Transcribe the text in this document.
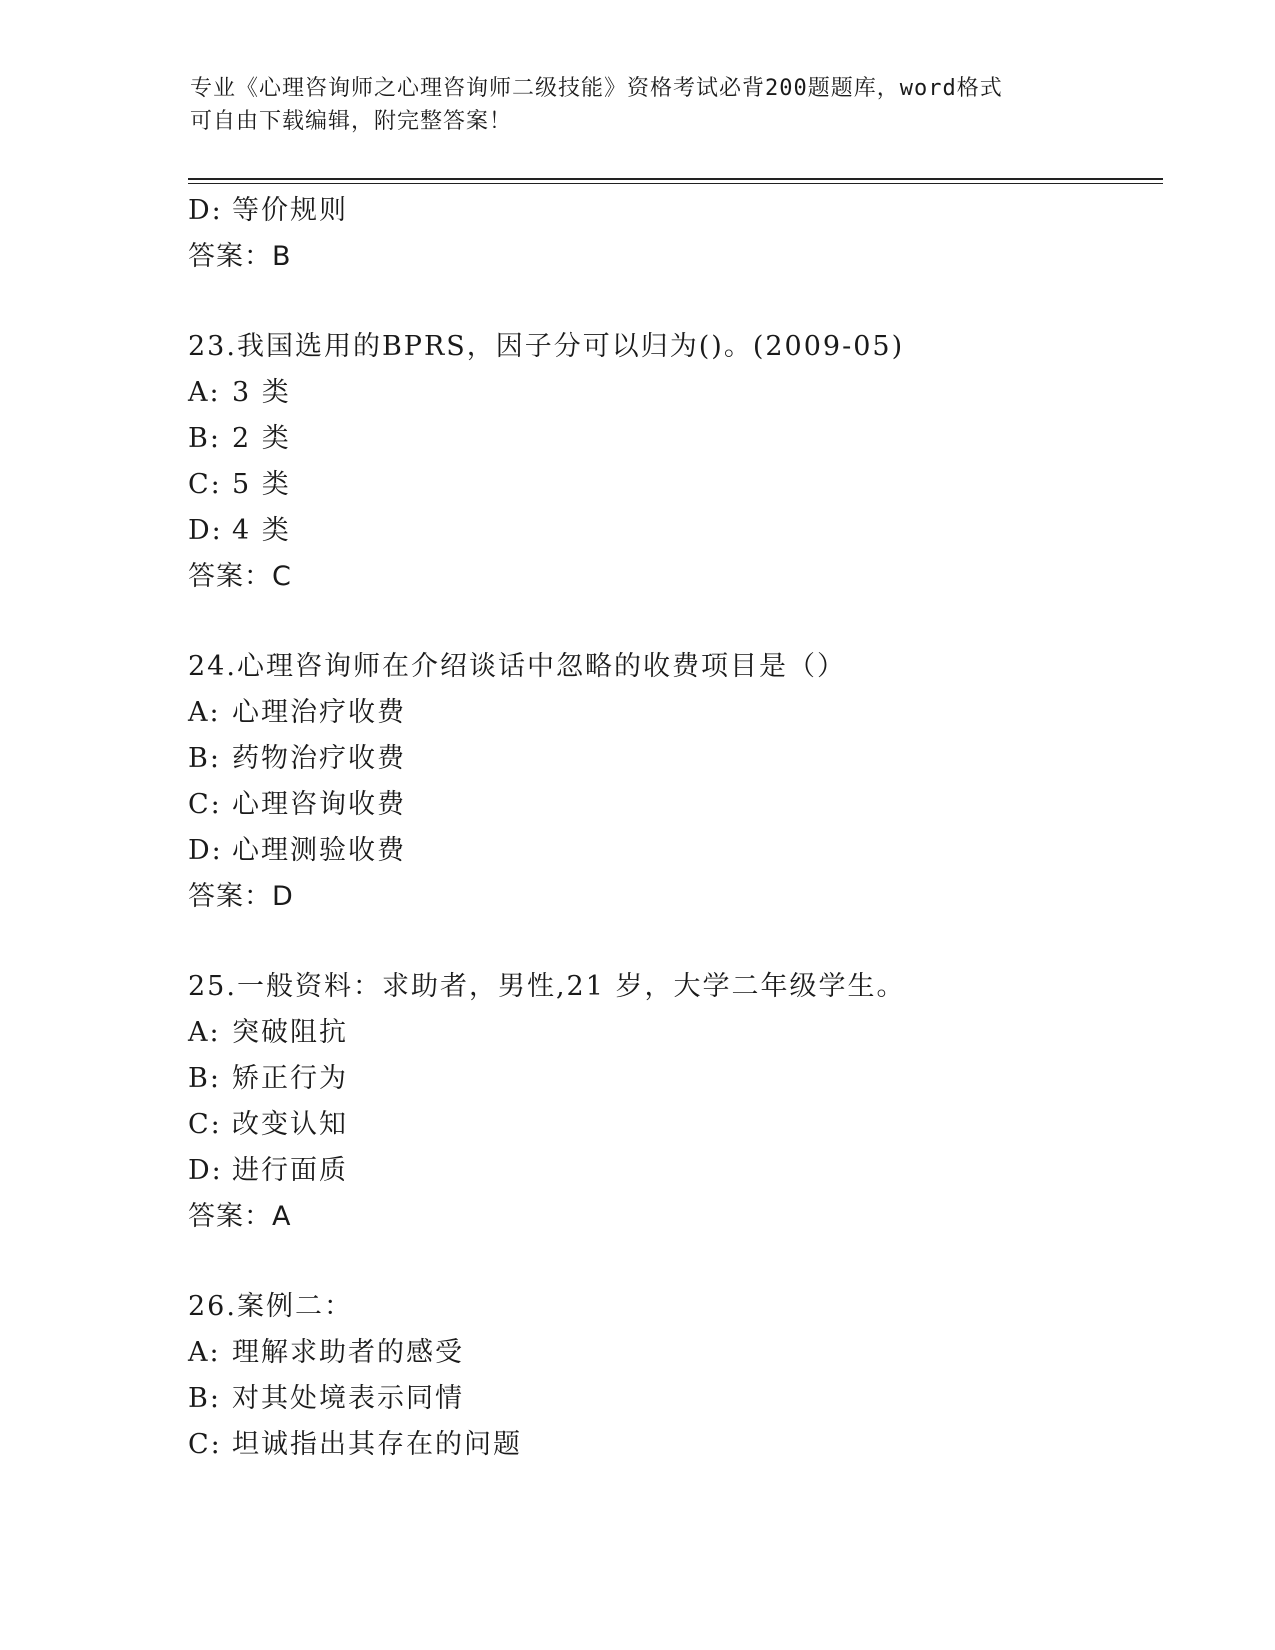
专业《心理咨询师之心理咨询师二级技能》资格考试必背200题题库，word格式
可自由下载编辑，附完整答案！
D: 等价规则
答案：B
23.我国选用的BPRS，因子分可以归为()。(2009-05)
A: 3 类
B: 2 类
C: 5 类
D: 4 类
答案：C
24.心理咨询师在介绍谈话中忽略的收费项目是（）
A: 心理治疗收费
B: 药物治疗收费
C: 心理咨询收费
D: 心理测验收费
答案：D
25.一般资料：求助者，男性,21 岁，大学二年级学生。
A: 突破阻抗
B: 矫正行为
C: 改变认知
D: 进行面质
答案：A
26.案例二：
A: 理解求助者的感受
B: 对其处境表示同情
C: 坦诚指出其存在的问题
